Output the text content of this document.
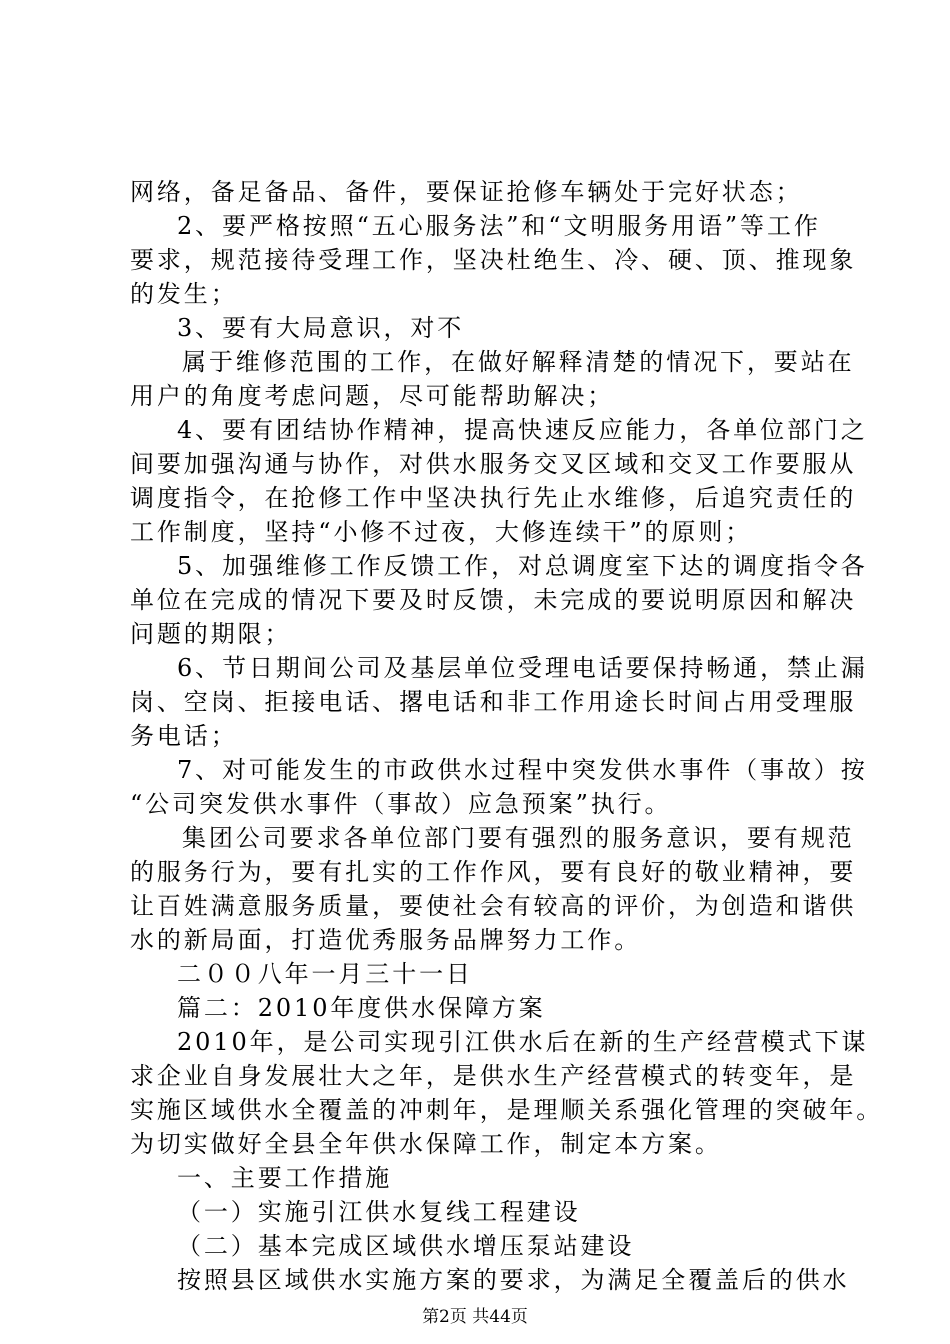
网络，备足备品、备件，要保证抢修车辆处于完好状态；
2、要严格按照“五心服务法”和“文明服务用语”等工作
要求，规范接待受理工作，坚决杜绝生、冷、硬、顶、推现象
的发生；
3、要有大局意识，对不
属于维修范围的工作，在做好解释清楚的情况下，要站在
用户的角度考虑问题，尽可能帮助解决；
4、要有团结协作精神，提高快速反应能力，各单位部门之
间要加强沟通与协作，对供水服务交叉区域和交叉工作要服从
调度指令，在抢修工作中坚决执行先止水维修，后追究责任的
工作制度，坚持“小修不过夜，大修连续干”的原则；
5、加强维修工作反馈工作，对总调度室下达的调度指令各
单位在完成的情况下要及时反馈，未完成的要说明原因和解决
问题的期限；
6、节日期间公司及基层单位受理电话要保持畅通，禁止漏
岗、空岗、拒接电话、撂电话和非工作用途长时间占用受理服
务电话；
7、对可能发生的市政供水过程中突发供水事件（事故）按
“公司突发供水事件（事故）应急预案”执行。
集团公司要求各单位部门要有强烈的服务意识，要有规范
的服务行为，要有扎实的工作作风，要有良好的敬业精神，要
让百姓满意服务质量，要使社会有较高的评价，为创造和谐供
水的新局面，打造优秀服务品牌努力工作。
二００八年一月三十一日
篇二：2010年度供水保障方案
2010年，是公司实现引江供水后在新的生产经营模式下谋
求企业自身发展壮大之年，是供水生产经营模式的转变年，是
实施区域供水全覆盖的冲刺年，是理顺关系强化管理的突破年。
为切实做好全县全年供水保障工作，制定本方案。
一、主要工作措施
（一）实施引江供水复线工程建设
（二）基本完成区域供水增压泵站建设
按照县区域供水实施方案的要求，为满足全覆盖后的供水
第2页 共44页
